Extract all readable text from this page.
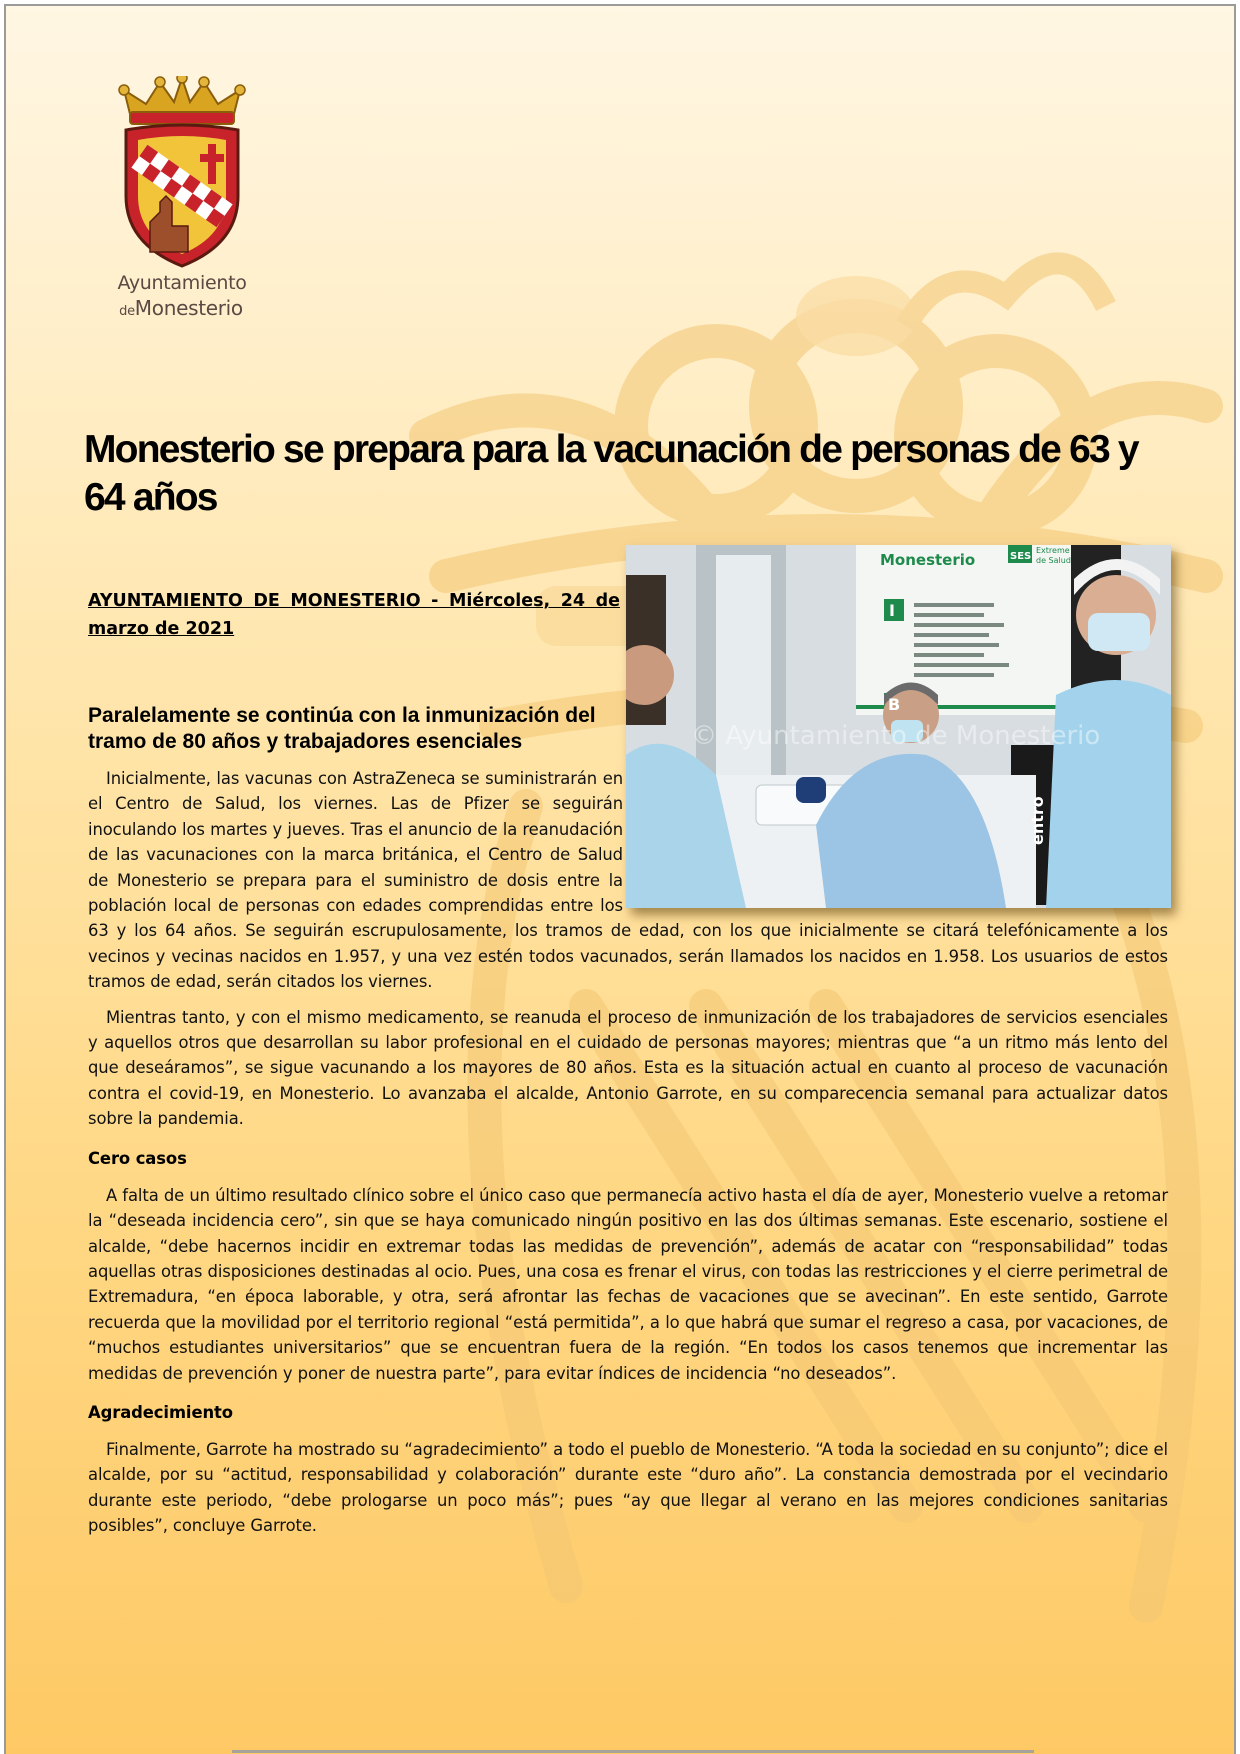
Ayuntamiento
deMonesterio
Monesterio se prepara para la vacunación de personas de 63 y 64 años
Monesterio	SES
Extreme
de Salud
I
B
entro
© Ayuntamiento de Monesterio

AYUNTAMIENTO DE MONESTERIO - Miércoles, 24 de marzo de 2021

Paralelamente se continúa con la inmunización del tramo de 80 años y trabajadores esenciales

Inicialmente, las vacunas con AstraZeneca se suministrarán en el Centro de Salud, los viernes. Las de Pfizer se seguirán inoculando los martes y jueves. Tras el anuncio de la reanudación de las vacunaciones con la marca británica, el Centro de Salud de Monesterio se prepara para el suministro de dosis entre la población local de personas con edades comprendidas entre los 63 y los 64 años. Se seguirán escrupulosamente, los tramos de edad, con los que inicialmente se citará telefónicamente a los vecinos y vecinas nacidos en 1.957, y una vez estén todos vacunados, serán llamados los nacidos en 1.958. Los usuarios de estos tramos de edad, serán citados los viernes.

Mientras tanto, y con el mismo medicamento, se reanuda el proceso de inmunización de los trabajadores de servicios esenciales y aquellos otros que desarrollan su labor profesional en el cuidado de personas mayores; mientras que “a un ritmo más lento del que deseáramos”, se sigue vacunando a los mayores de 80 años. Esta es la situación actual en cuanto al proceso de vacunación contra el covid-19, en Monesterio. Lo avanzaba el alcalde, Antonio Garrote, en su comparecencia semanal para actualizar datos sobre la pandemia.

Cero casos

A falta de un último resultado clínico sobre el único caso que permanecía activo hasta el día de ayer, Monesterio vuelve a retomar la “deseada incidencia cero”, sin que se haya comunicado ningún positivo en las dos últimas semanas. Este escenario, sostiene el alcalde, “debe hacernos incidir en extremar todas las medidas de prevención”, además de acatar con “responsabilidad” todas aquellas otras disposiciones destinadas al ocio. Pues, una cosa es frenar el virus, con todas las restricciones y el cierre perimetral de Extremadura, “en época laborable, y otra, será afrontar las fechas de vacaciones que se avecinan”. En este sentido, Garrote recuerda que la movilidad por el territorio regional “está permitida”, a lo que habrá que sumar el regreso a casa, por vacaciones, de “muchos estudiantes universitarios” que se encuentran fuera de la región. “En todos los casos tenemos que incrementar las medidas de prevención y poner de nuestra parte”, para evitar índices de incidencia “no deseados”.

Agradecimiento

Finalmente, Garrote ha mostrado su “agradecimiento” a todo el pueblo de Monesterio. “A toda la sociedad en su conjunto”; dice el alcalde, por su “actitud, responsabilidad y colaboración” durante este “duro año”. La constancia demostrada por el vecindario durante este periodo, “debe prologarse un poco más”; pues “ay que llegar al verano en las mejores condiciones sanitarias posibles”, concluye Garrote.
